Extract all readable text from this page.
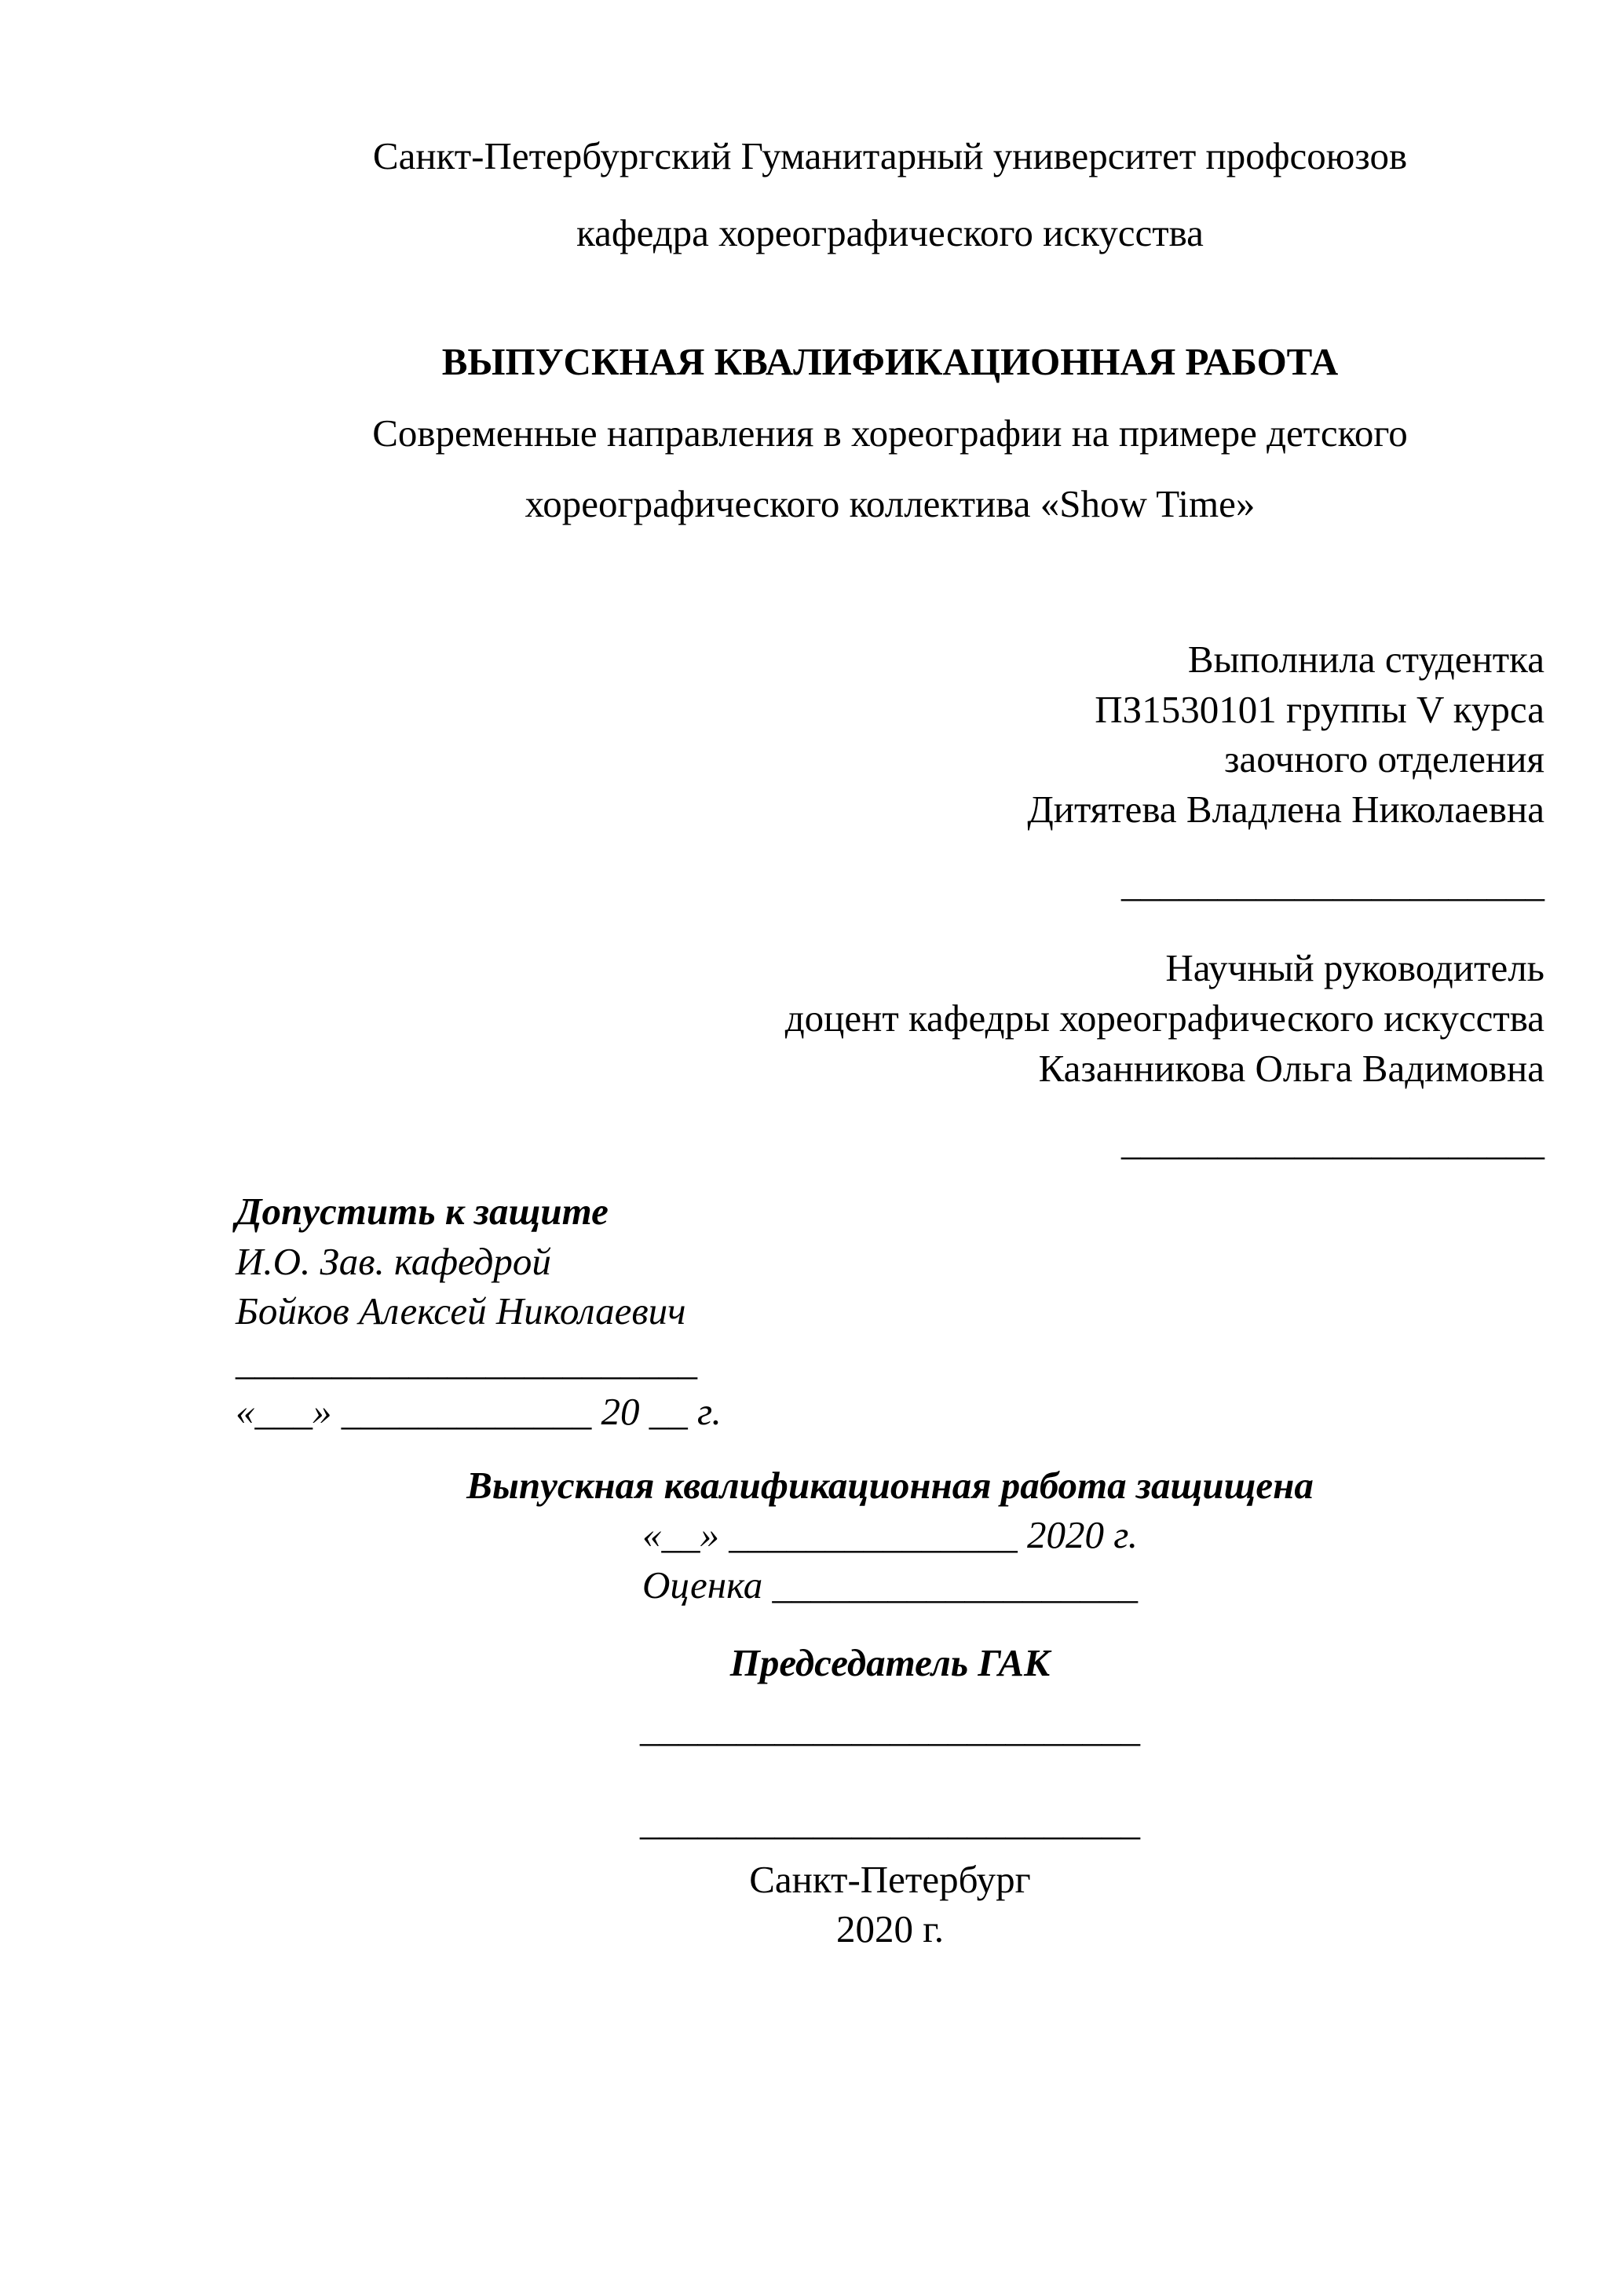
Санкт-Петербургский Гуманитарный университет профсоюзов
кафедра хореографического искусства
ВЫПУСКНАЯ КВАЛИФИКАЦИОННАЯ РАБОТА
Современные направления в хореографии на примере детского
хореографического коллектива «Show Time»
Выполнила студентка
ПЗ1530101 группы V курса
заочного отделения
Дитятева Владлена Николаевна
______________________
Научный руководитель
доцент кафедры хореографического искусства
Казанникова Ольга Вадимовна
______________________
Допустить к защите
И.О. Зав. кафедрой
Бойков Алексей Николаевич
________________________
«___» _____________ 20 __ г.
Выпускная квалификационная работа защищена
«__» _______________ 2020 г.
Оценка ___________________
Председатель ГАК
__________________________
__________________________
Санкт-Петербург
2020 г.
